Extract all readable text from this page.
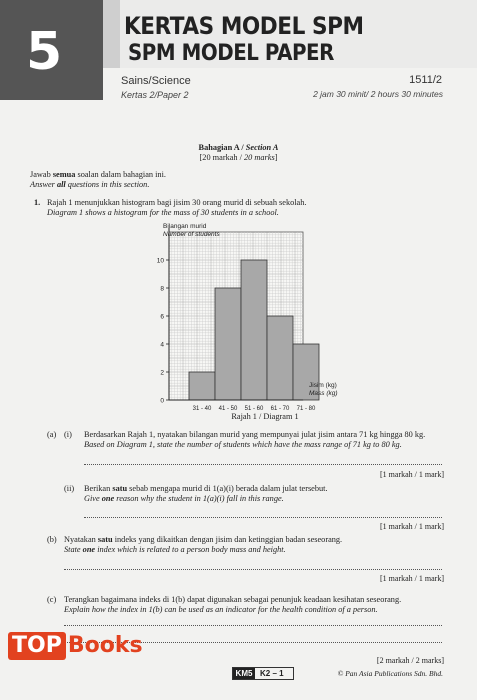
5	KERTAS MODEL SPM
SPM MODEL PAPER
Sains/Science
Kertas 2/Paper 2
1511/2
2 jam 30 minit/ 2 hours 30 minutes
Bahagian A / Section A
[20 markah / 20 marks]
Jawab semua soalan dalam bahagian ini.
Answer all questions in this section.
1. Rajah 1 menunjukkan histogram bagi jisim 30 orang murid di sebuah sekolah.
Diagram 1 shows a histogram for the mass of 30 students in a school.
0
2
4
6
8
10
31 - 40 41 - 50 51 - 60 61 - 70 71 - 80
Bilangan murid
Number of students
Jisim (kg)
Mass (kg)
Rajah 1 / Diagram 1
(a) (i) Berdasarkan Rajah 1, nyatakan bilangan murid yang mempunyai julat jisim antara 71 kg hingga 80 kg.
Based on Diagram 1, state the number of students which have the mass range of 71 kg to 80 kg.
[1 markah / 1 mark]
(ii) Berikan satu sebab mengapa murid di 1(a)(i) berada dalam julat tersebut.
Give one reason why the student in 1(a)(i) fall in this range.
[1 markah / 1 mark]
(b) Nyatakan satu indeks yang dikaitkan dengan jisim dan ketinggian badan seseorang.
State one index which is related to a person body mass and height.
[1 markah / 1 mark]
(c) Terangkan bagaimana indeks di 1(b) dapat digunakan sebagai penunjuk keadaan kesihatan seseorang.
Explain how the index in 1(b) can be used as an indicator for the health condition of a person.
[2 markah / 2 marks]
TOP Books
KM5 K2 – 1	© Pan Asia Publications Sdn. Bhd.
